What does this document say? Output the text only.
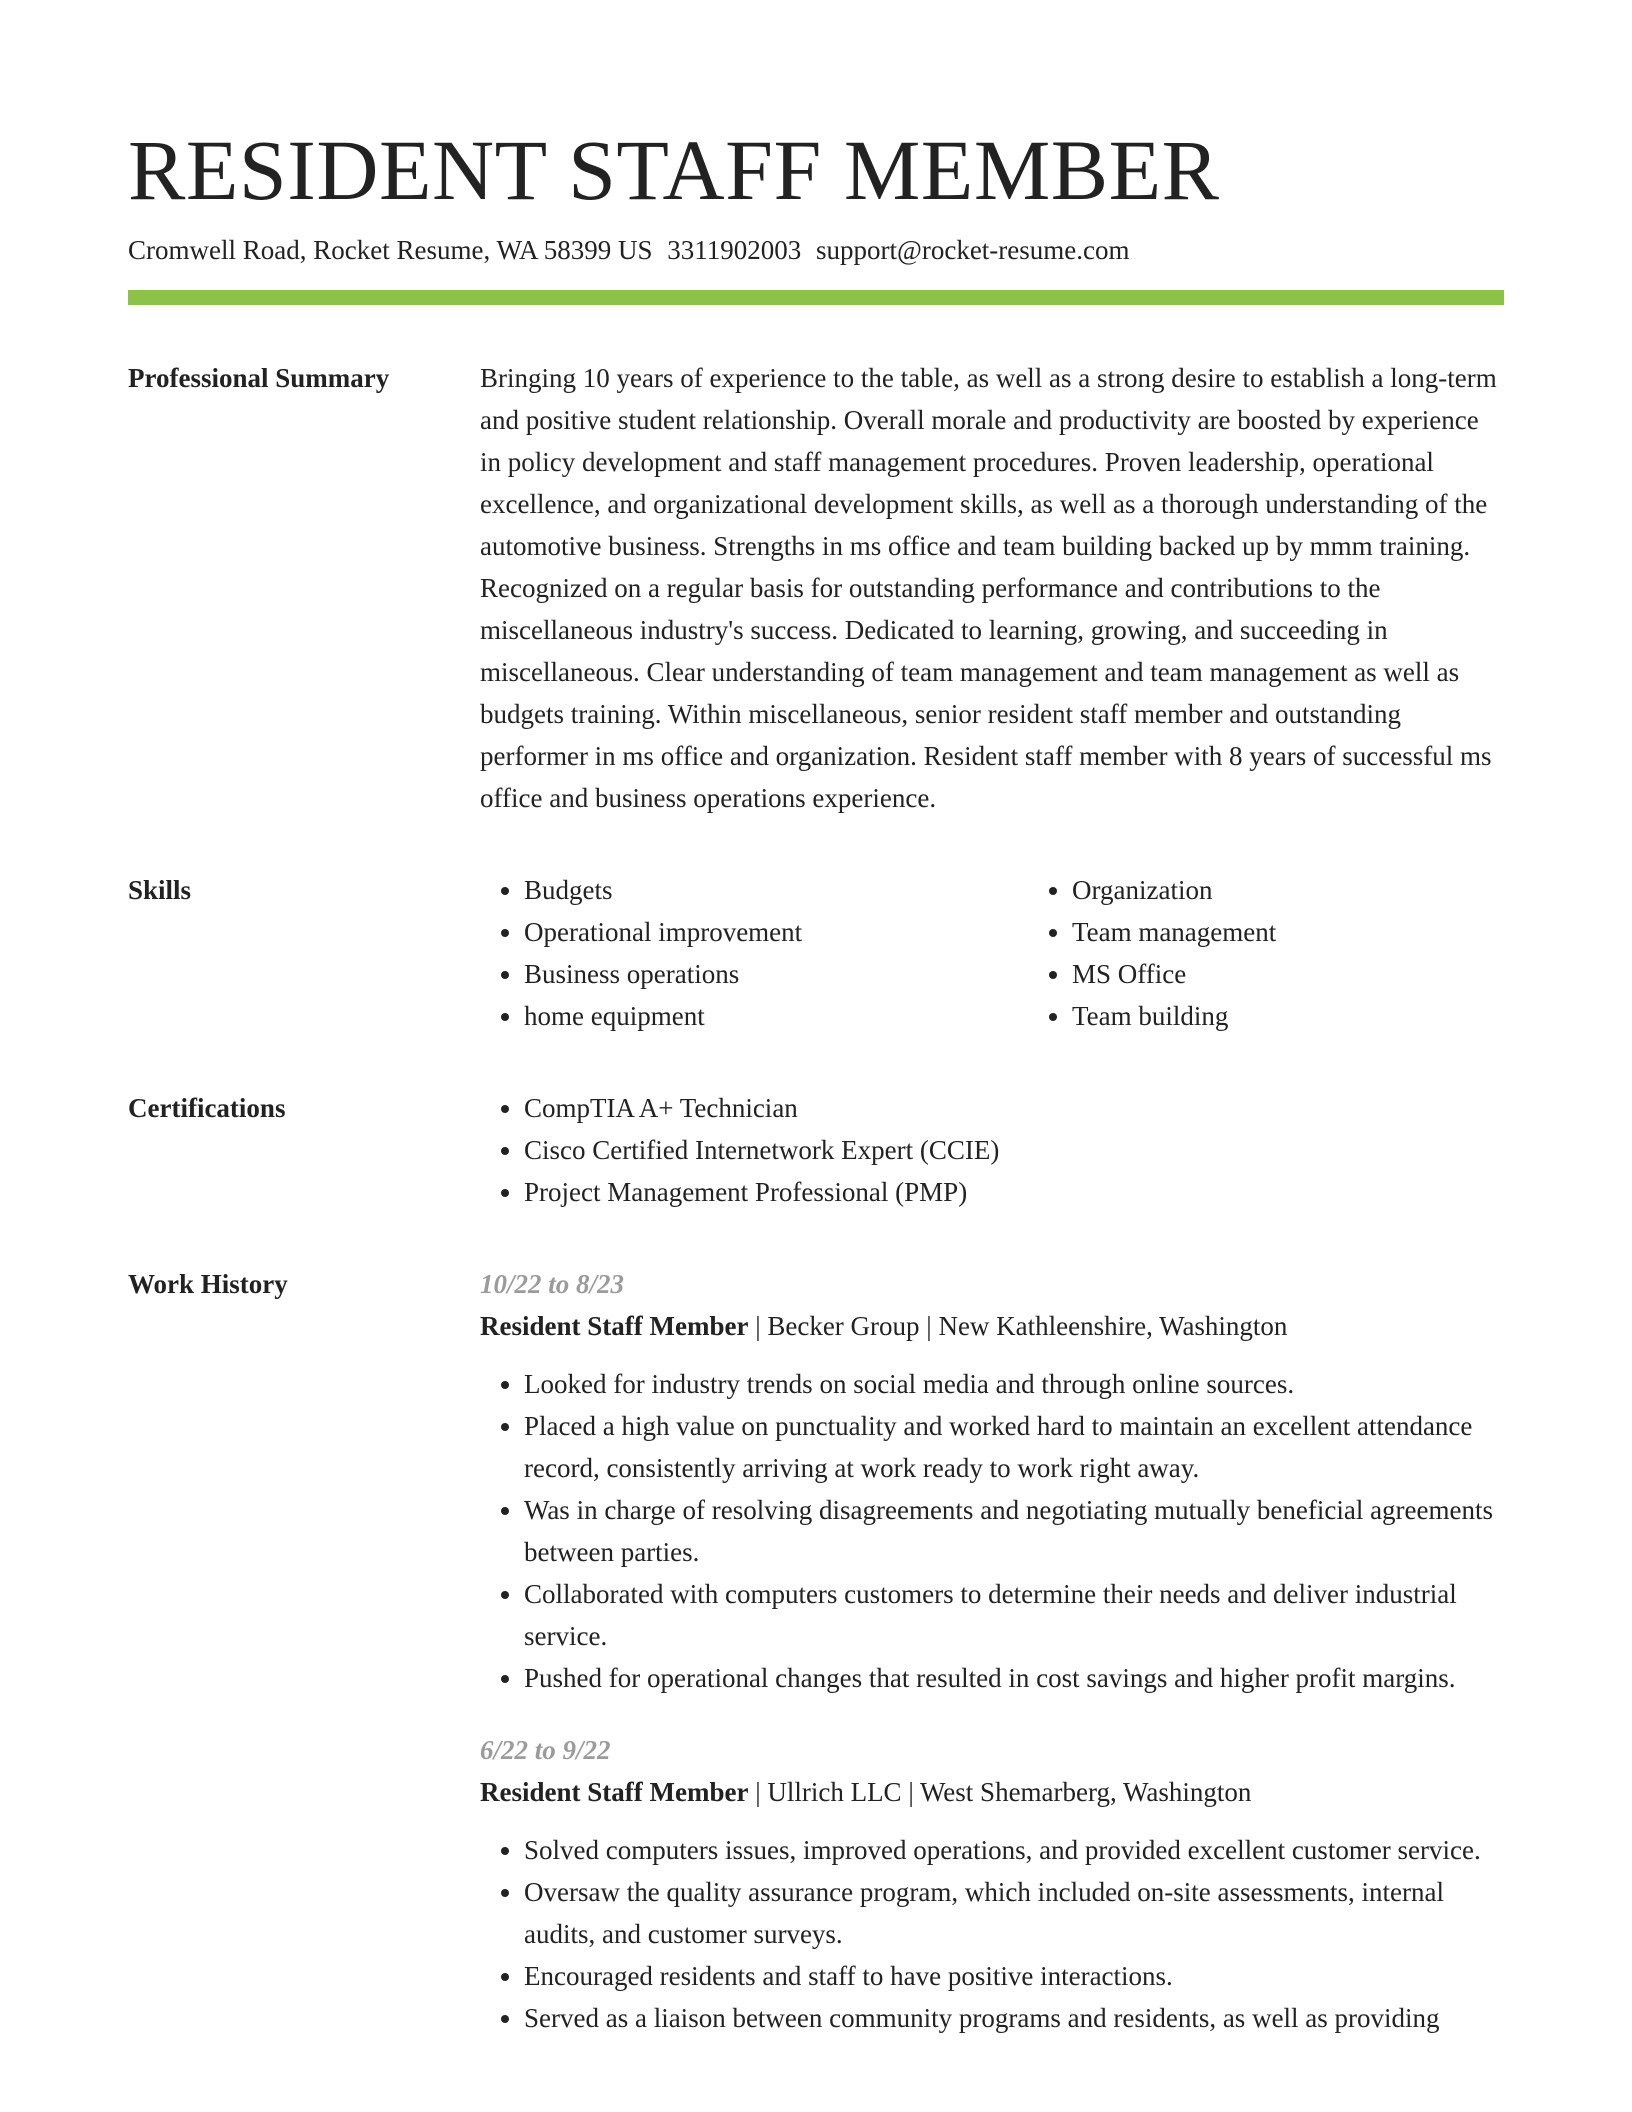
RESIDENT STAFF MEMBER
Cromwell Road, Rocket Resume, WA 58399 US 3311902003 support@rocket-resume.com
Professional Summary	Bringing 10 years of experience to the table, as well as a strong desire to establish a long-term and positive student relationship. Overall morale and productivity are boosted by experience in policy development and staff management procedures. Proven leadership, operational excellence, and organizational development skills, as well as a thorough understanding of the automotive business. Strengths in ms office and team building backed up by mmm training. Recognized on a regular basis for outstanding performance and contributions to the miscellaneous industry's success. Dedicated to learning, growing, and succeeding in miscellaneous. Clear understanding of team management and team management as well as budgets training. Within miscellaneous, senior resident staff member and outstanding performer in ms office and organization. Resident staff member with 8 years of successful ms office and business operations experience.

Skills	• Budgets
• Operational improvement
• Business operations
• home equipment
• Organization
• Team management
• MS Office
• Team building
Certifications	• CompTIA A+ Technician
• Cisco Certified Internetwork Expert (CCIE)
• Project Management Professional (PMP)
Work History	10/22 to 8/23
Resident Staff Member | Becker Group | New Kathleenshire, Washington
• Looked for industry trends on social media and through online sources.
• Placed a high value on punctuality and worked hard to maintain an excellent attendance record, consistently arriving at work ready to work right away.
• Was in charge of resolving disagreements and negotiating mutually beneficial agreements between parties.
• Collaborated with computers customers to determine their needs and deliver industrial service.
• Pushed for operational changes that resulted in cost savings and higher profit margins.
6/22 to 9/22
Resident Staff Member | Ullrich LLC | West Shemarberg, Washington
• Solved computers issues, improved operations, and provided excellent customer service.
• Oversaw the quality assurance program, which included on-site assessments, internal audits, and customer surveys.
• Encouraged residents and staff to have positive interactions.
• Served as a liaison between community programs and residents, as well as providing
